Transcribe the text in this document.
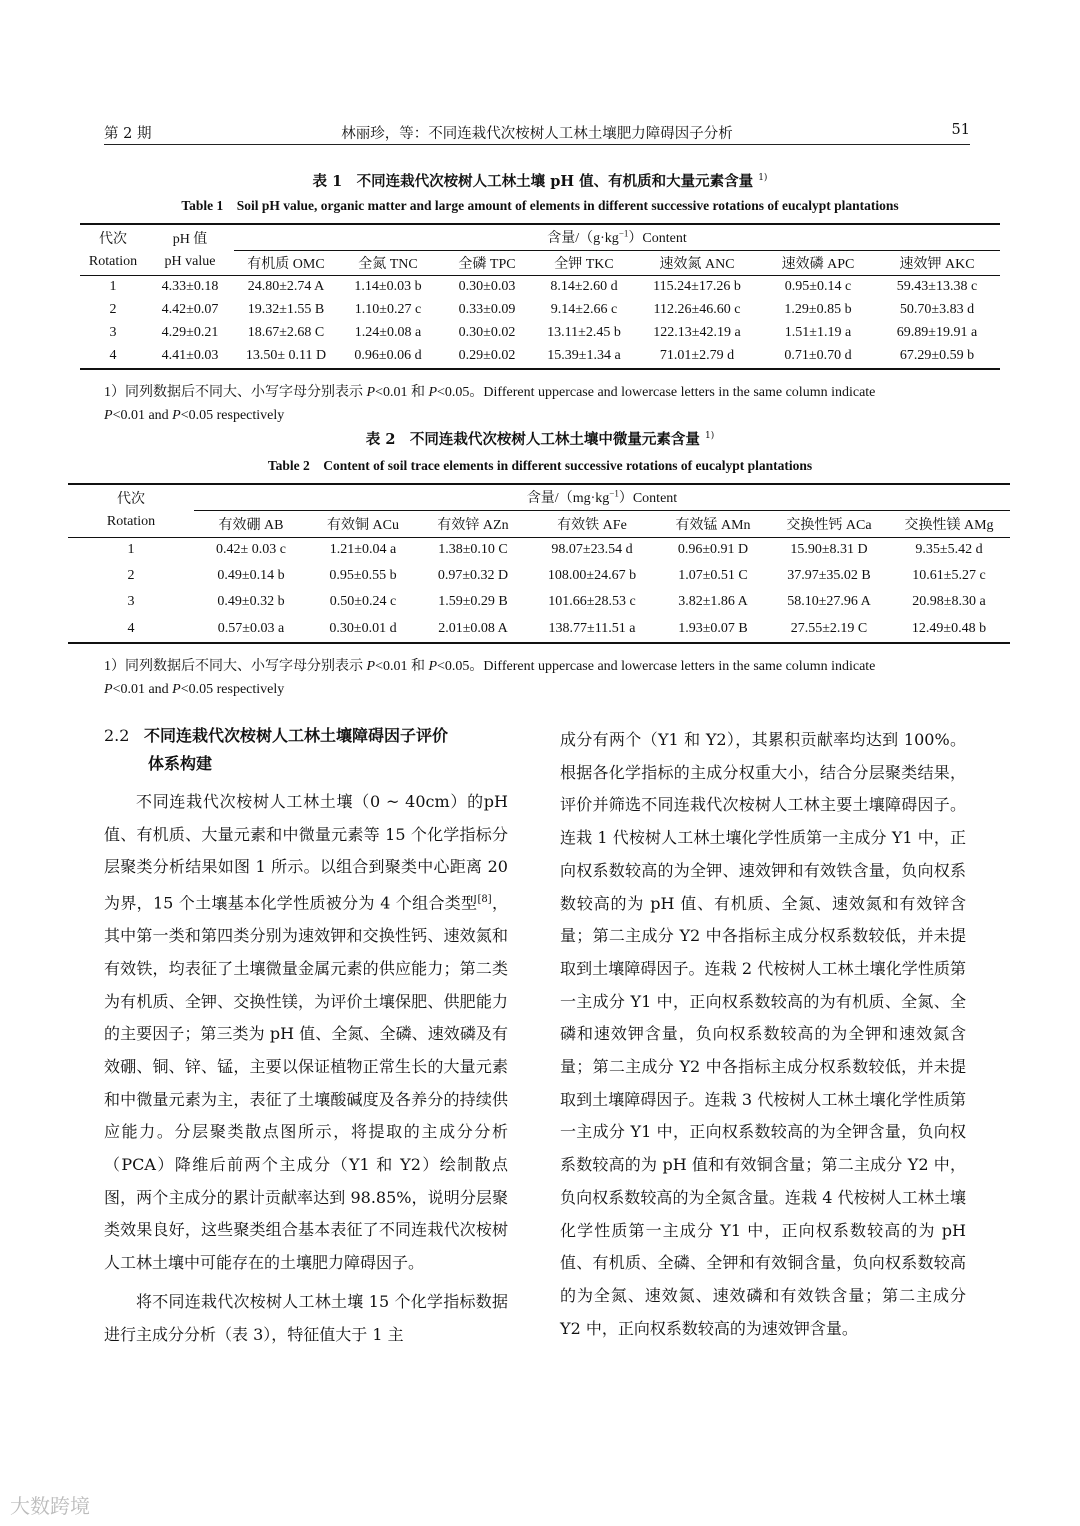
第 2 期	林丽珍，等：不同连栽代次桉树人工林土壤肥力障碍因子分析	51
表 1　不同连栽代次桉树人工林土壤 pH 值、有机质和大量元素含量 $^{1)}$
Table 1　Soil pH value, organic matter and large amount of elements in different successive rotations of eucalypt plantations
代次	pH 值	含量$/(g\cdot kg^{-1})Content$						
Rotation	pH value	有机质 OMC	全氮 TNC	全磷 TPC	全钾 TKC	速效氮 ANC	速效磷 APC	速效钾 AKC
1	4.33±0.18	24.80±2.74 A	1.14±0.03 b	0.30±0.03	8.14±2.60 d	115.24±17.26 b	0.95±0.14 c	59.43±13.38 c
2	4.42±0.07	19.32±1.55 B	1.10±0.27 c	0.33±0.09	9.14±2.66 c	112.26±46.60 c	1.29±0.85 b	50.70±3.83 d
3	4.29±0.21	18.67±2.68 C	1.24±0.08 a	0.30±0.02	13.11±2.45 b	122.13±42.19 a	1.51±1.19 a	69.89±19.91 a
4	4.41±0.03	13.50± 0.11 D	0.96±0.06 d	0.29±0.02	15.39±1.34 a	71.01±2.79 d	0.71±0.70 d	67.29±0.59 b
1）同列数据后不同大、小写字母分别表示 P<0.01 和 P<0.05。Different uppercase and lowercase letters in the same column indicate
P<0.01 and P<0.05 respectively
表 2　不同连栽代次桉树人工林土壤中微量元素含量 $^{1)}$
Table 2　Content of soil trace elements in different successive rotations of eucalypt plantations
代次
Rotation	含量$/(mg\cdot kg^{-1})Content$						
	有效硼 AB	有效铜 ACu	有效锌 AZn	有效铁 AFe	有效锰 AMn	交换性钙 ACa	交换性镁 AMg
1	0.42± 0.03 c	1.21±0.04 a	1.38±0.10 C	98.07±23.54 d	0.96±0.91 D	15.90±8.31 D	9.35±5.42 d
2	0.49±0.14 b	0.95±0.55 b	0.97±0.32 D	108.00±24.67 b	1.07±0.51 C	37.97±35.02 B	10.61±5.27 c
3	0.49±0.32 b	0.50±0.24 c	1.59±0.29 B	101.66±28.53 c	3.82±1.86 A	58.10±27.96 A	20.98±8.30 a
4	0.57±0.03 a	0.30±0.01 d	2.01±0.08 A	138.77±11.51 a	1.93±0.07 B	27.55±2.19 C	12.49±0.48 b
1）同列数据后不同大、小写字母分别表示 P<0.01 和 P<0.05。Different uppercase and lowercase letters in the same column indicate
P<0.01 and P<0.05 respectively
2.2 不同连栽代次桉树人工林土壤障碍因子评价
体系构建

不同连栽代次桉树人工林土壤（0 ~ 40cm）的pH 值、有机质、大量元素和中微量元素等 15 个化学指标分层聚类分析结果如图 1 所示。以组合到聚类中心距离 20 为界，15 个土壤基本化学性质被分为 4 个组合类型[8]，其中第一类和第四类分别为速效钾和交换性钙、速效氮和有效铁，均表征了土壤微量金属元素的供应能力；第二类为有机质、全钾、交换性镁，为评价土壤保肥、供肥能力的主要因子；第三类为 pH 值、全氮、全磷、速效磷及有效硼、铜、锌、锰，主要以保证植物正常生长的大量元素和中微量元素为主，表征了土壤酸碱度及各养分的持续供应能力。分层聚类散点图所示，将提取的主成分分析（PCA）降维后前两个主成分（Y1 和 Y2）绘制散点图，两个主成分的累计贡献率达到 98.85%，说明分层聚类效果良好，这些聚类组合基本表征了不同连栽代次桉树人工林土壤中可能存在的土壤肥力障碍因子。

将不同连栽代次桉树人工林土壤 15 个化学指标数据进行主成分分析（表 3），特征值大于 1 主

成分有两个（Y1 和 Y2），其累积贡献率均达到 100%。根据各化学指标的主成分权重大小，结合分层聚类结果，评价并筛选不同连栽代次桉树人工林主要土壤障碍因子。连栽 1 代桉树人工林土壤化学性质第一主成分 Y1 中，正向权系数较高的为全钾、速效钾和有效铁含量，负向权系数较高的为 pH 值、有机质、全氮、速效氮和有效锌含量；第二主成分 Y2 中各指标主成分权系数较低，并未提取到土壤障碍因子。连栽 2 代桉树人工林土壤化学性质第一主成分 Y1 中，正向权系数较高的为有机质、全氮、全磷和速效钾含量，负向权系数较高的为全钾和速效氮含量；第二主成分 Y2 中各指标主成分权系数较低，并未提取到土壤障碍因子。连栽 3 代桉树人工林土壤化学性质第一主成分 Y1 中，正向权系数较高的为全钾含量，负向权系数较高的为 pH 值和有效铜含量；第二主成分 Y2 中，负向权系数较高的为全氮含量。连栽 4 代桉树人工林土壤化学性质第一主成分 Y1 中，正向权系数较高的为 pH 值、有机质、全磷、全钾和有效铜含量，负向权系数较高的为全氮、速效氮、速效磷和有效铁含量；第二主成分 Y2 中，正向权系数较高的为速效钾含量。

大数跨境
